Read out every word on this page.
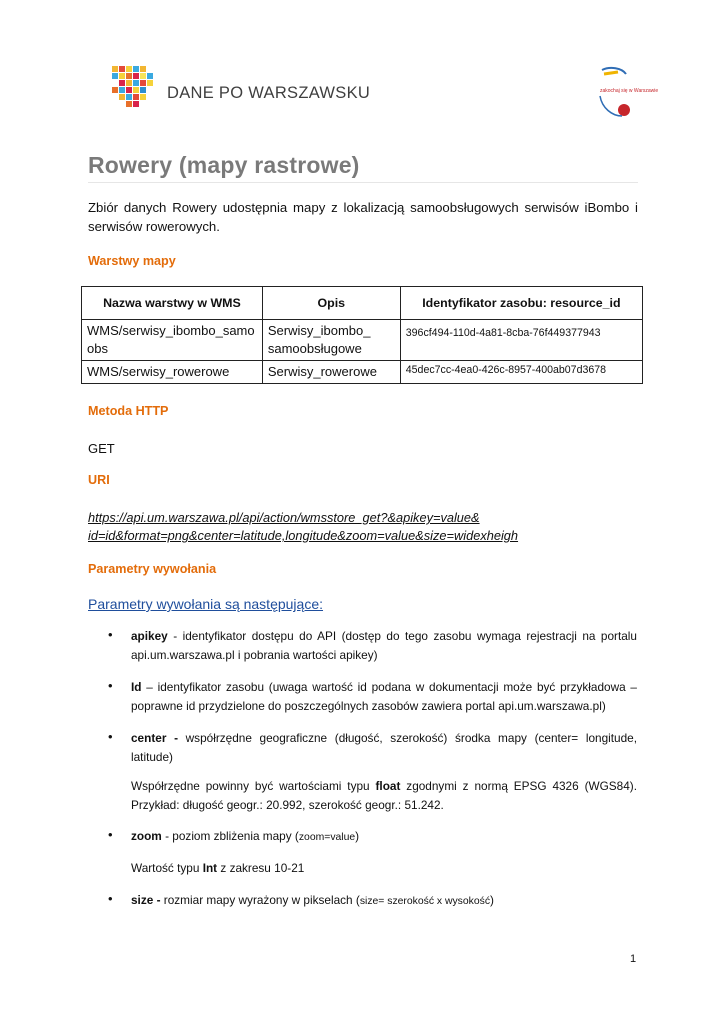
DANE PO WARSZAWSKU	zakochaj się w Warszawie
Rowery (mapy rastrowe)
Zbiór danych Rowery udostępnia mapy z lokalizacją samoobsługowych serwisów iBombo i serwisów rowerowych.
Warstwy mapy
Nazwa warstwy w WMS	Opis	Identyfikator zasobu: resource_id
WMS/serwisy_ibombo_samoobs	Serwisy_ibombo_ samoobsługowe	396cf494-110d-4a81-8cba-76f449377943
WMS/serwisy_rowerowe	Serwisy_rowerowe	45dec7cc-4ea0-426c-8957-400ab07d3678
Metoda HTTP
GET
URI
https://api.um.warszawa.pl/api/action/wmsstore_get?&apikey=value&
id=id&format=png&center=latitude,longitude&zoom=value&size=widexheigh
Parametry wywołania
Parametry wywołania są następujące:
• apikey - identyfikator dostępu do API (dostęp do tego zasobu wymaga rejestracji na portalu api.um.warszawa.pl i pobrania wartości apikey)
• Id – identyfikator zasobu (uwaga wartość id podana w dokumentacji może być przykładowa – poprawne id przydzielone do poszczególnych zasobów zawiera portal api.um.warszawa.pl)
• center - współrzędne geograficzne (długość, szerokość) środka mapy (center= longitude, latitude)
Współrzędne powinny być wartościami typu float zgodnymi z normą EPSG 4326 (WGS84). Przykład: długość geogr.: 20.992, szerokość geogr.: 51.242.
• zoom - poziom zbliżenia mapy (zoom=value)
Wartość typu Int z zakresu 10-21
• size - rozmiar mapy wyrażony w pikselach (size= szerokość x wysokość)
1
